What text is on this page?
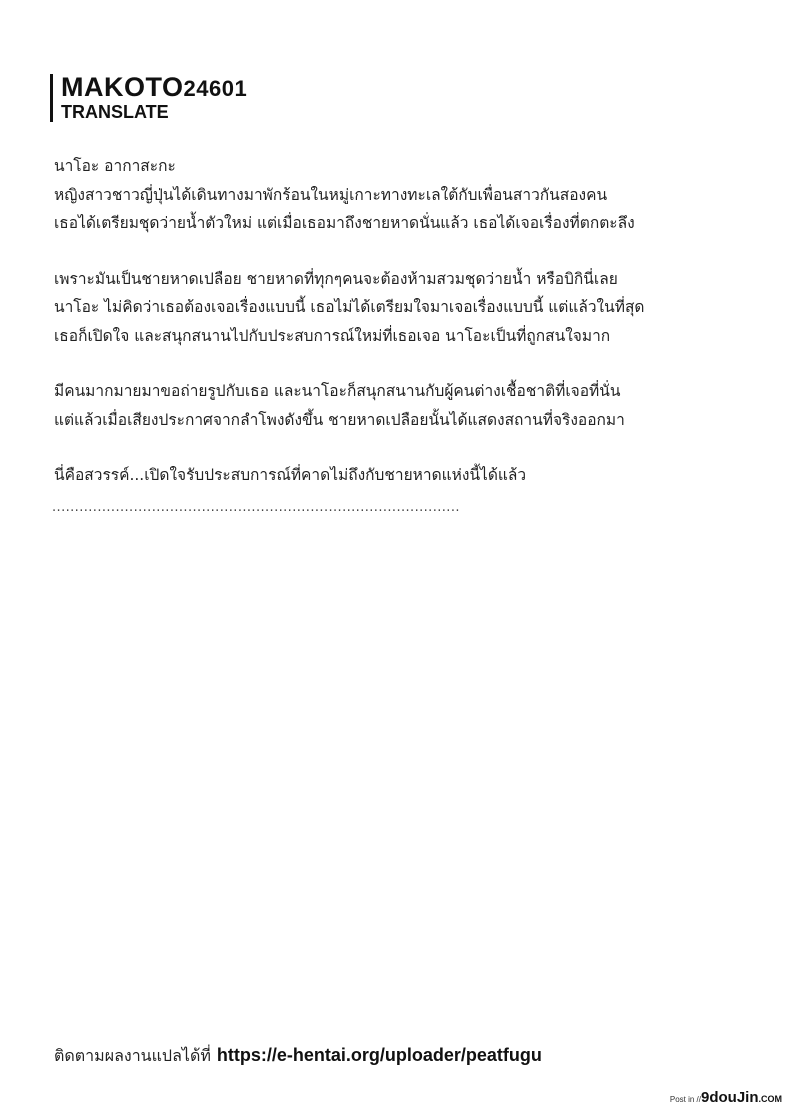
MAKOTO24601
TRANSLATE

นาโอะ อากาสะกะ

หญิงสาวชาวญี่ปุ่นได้เดินทางมาพักร้อนในหมู่เกาะทางทะเลใต้กับเพื่อนสาวกันสองคน

เธอได้เตรียมชุดว่ายน้ำตัวใหม่ แต่เมื่อเธอมาถึงชายหาดนั่นแล้ว เธอได้เจอเรื่องที่ตกตะลึง

เพราะมันเป็นชายหาดเปลือย ชายหาดที่ทุกๆคนจะต้องห้ามสวมชุดว่ายน้ำ หรือบิกินี่เลย

นาโอะ ไม่คิดว่าเธอต้องเจอเรื่องแบบนี้ เธอไม่ได้เตรียมใจมาเจอเรื่องแบบนี้ แต่แล้วในที่สุด

เธอก็เปิดใจ และสนุกสนานไปกับประสบการณ์ใหม่ที่เธอเจอ นาโอะเป็นที่ถูกสนใจมาก

มีคนมากมายมาขอถ่ายรูปกับเธอ และนาโอะก็สนุกสนานกับผู้คนต่างเชื้อชาติที่เจอที่นั่น

แต่แล้วเมื่อเสียงประกาศจากลำโพงดังขึ้น ชายหาดเปลือยนั้นได้แสดงสถานที่จริงออกมา

นี่คือสวรรค์...เปิดใจรับประสบการณ์ที่คาดไม่ถึงกับชายหาดแห่งนี้ได้แล้ว

..........................................................................................
ติดตามผลงานแปลได้ที่ https://e-hentai.org/uploader/peatfugu
Post in //9douJin.COM
